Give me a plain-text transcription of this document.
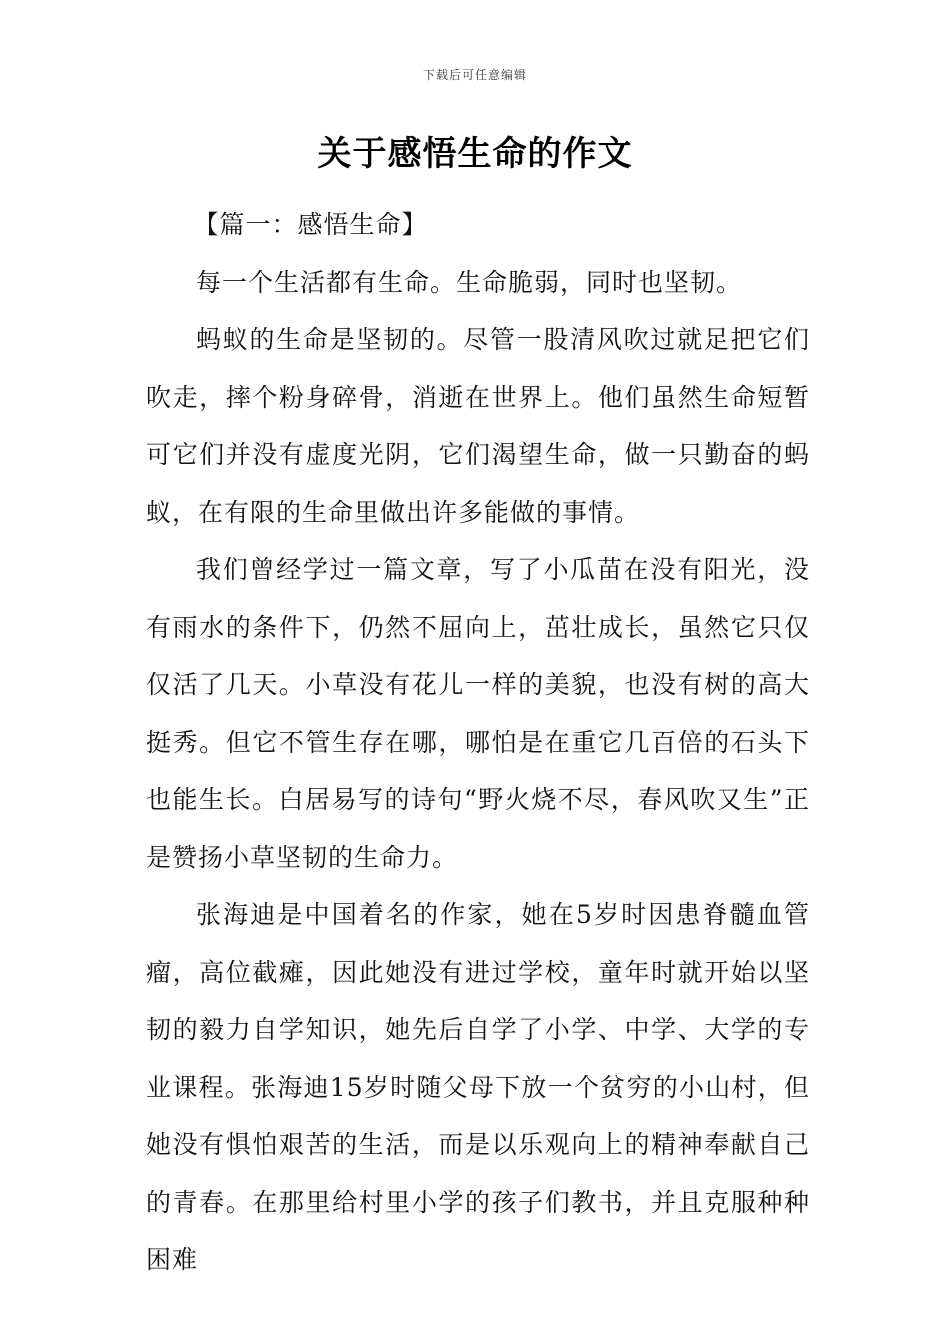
下载后可任意编辑
关于感悟生命的作文

【篇一：感悟生命】

每一个生活都有生命。生命脆弱，同时也坚韧。

蚂蚁的生命是坚韧的。尽管一股清风吹过就足把它们吹走，摔个粉身碎骨，消逝在世界上。他们虽然生命短暂可它们并没有虚度光阴，它们渴望生命，做一只勤奋的蚂蚁，在有限的生命里做出许多能做的事情。

我们曾经学过一篇文章，写了小瓜苗在没有阳光，没有雨水的条件下，仍然不屈向上，茁壮成长，虽然它只仅仅活了几天。小草没有花儿一样的美貌，也没有树的高大挺秀。但它不管生存在哪，哪怕是在重它几百倍的石头下也能生长。白居易写的诗句“野火烧不尽，春风吹又生”正是赞扬小草坚韧的生命力。

张海迪是中国着名的作家，她在5岁时因患脊髓血管瘤，高位截瘫，因此她没有进过学校，童年时就开始以坚韧的毅力自学知识，她先后自学了小学、中学、大学的专业课程。张海迪15岁时随父母下放一个贫穷的小山村，但她没有惧怕艰苦的生活，而是以乐观向上的精神奉献自己的青春。在那里给村里小学的孩子们教书，并且克服种种困难
